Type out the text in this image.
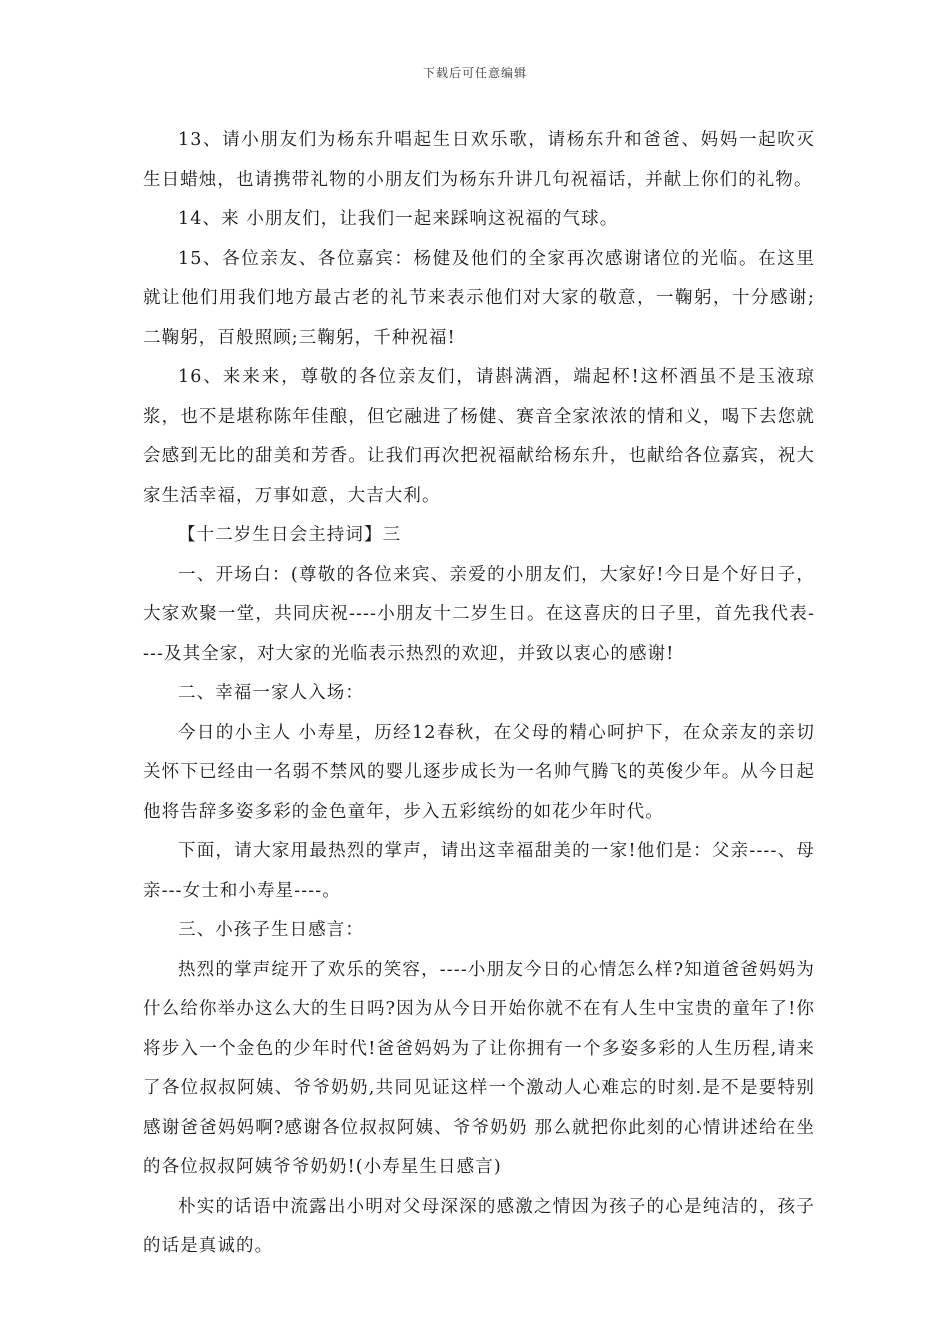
下载后可任意编辑

13、请小朋友们为杨东升唱起生日欢乐歌，请杨东升和爸爸、妈妈一起吹灭生日蜡烛，也请携带礼物的小朋友们为杨东升讲几句祝福话，并献上你们的礼物。

14、来 小朋友们，让我们一起来踩响这祝福的气球。

15、各位亲友、各位嘉宾：杨健及他们的全家再次感谢诸位的光临。在这里就让他们用我们地方最古老的礼节来表示他们对大家的敬意，一鞠躬，十分感谢;二鞠躬，百般照顾;三鞠躬，千种祝福!

16、来来来，尊敬的各位亲友们，请斟满酒，端起杯!这杯酒虽不是玉液琼浆，也不是堪称陈年佳酿，但它融进了杨健、赛音全家浓浓的情和义，喝下去您就会感到无比的甜美和芳香。让我们再次把祝福献给杨东升，也献给各位嘉宾，祝大家生活幸福，万事如意，大吉大利。

【十二岁生日会主持词】三

一、开场白：(尊敬的各位来宾、亲爱的小朋友们，大家好!今日是个好日子，大家欢聚一堂，共同庆祝----小朋友十二岁生日。在这喜庆的日子里，首先我代表----及其全家，对大家的光临表示热烈的欢迎，并致以衷心的感谢!

二、幸福一家人入场：

今日的小主人 小寿星，历经12春秋，在父母的精心呵护下，在众亲友的亲切关怀下已经由一名弱不禁风的婴儿逐步成长为一名帅气腾飞的英俊少年。从今日起他将告辞多姿多彩的金色童年，步入五彩缤纷的如花少年时代。

下面，请大家用最热烈的掌声，请出这幸福甜美的一家!他们是：父亲----、母亲---女士和小寿星----。

三、小孩子生日感言：

热烈的掌声绽开了欢乐的笑容，----小朋友今日的心情怎么样?知道爸爸妈妈为什么给你举办这么大的生日吗?因为从今日开始你就不在有人生中宝贵的童年了!你将步入一个金色的少年时代!爸爸妈妈为了让你拥有一个多姿多彩的人生历程,请来了各位叔叔阿姨、爷爷奶奶,共同见证这样一个激动人心难忘的时刻.是不是要特别感谢爸爸妈妈啊?感谢各位叔叔阿姨、爷爷奶奶 那么就把你此刻的心情讲述给在坐的各位叔叔阿姨爷爷奶奶!(小寿星生日感言)

朴实的话语中流露出小明对父母深深的感激之情因为孩子的心是纯洁的，孩子的话是真诚的。
